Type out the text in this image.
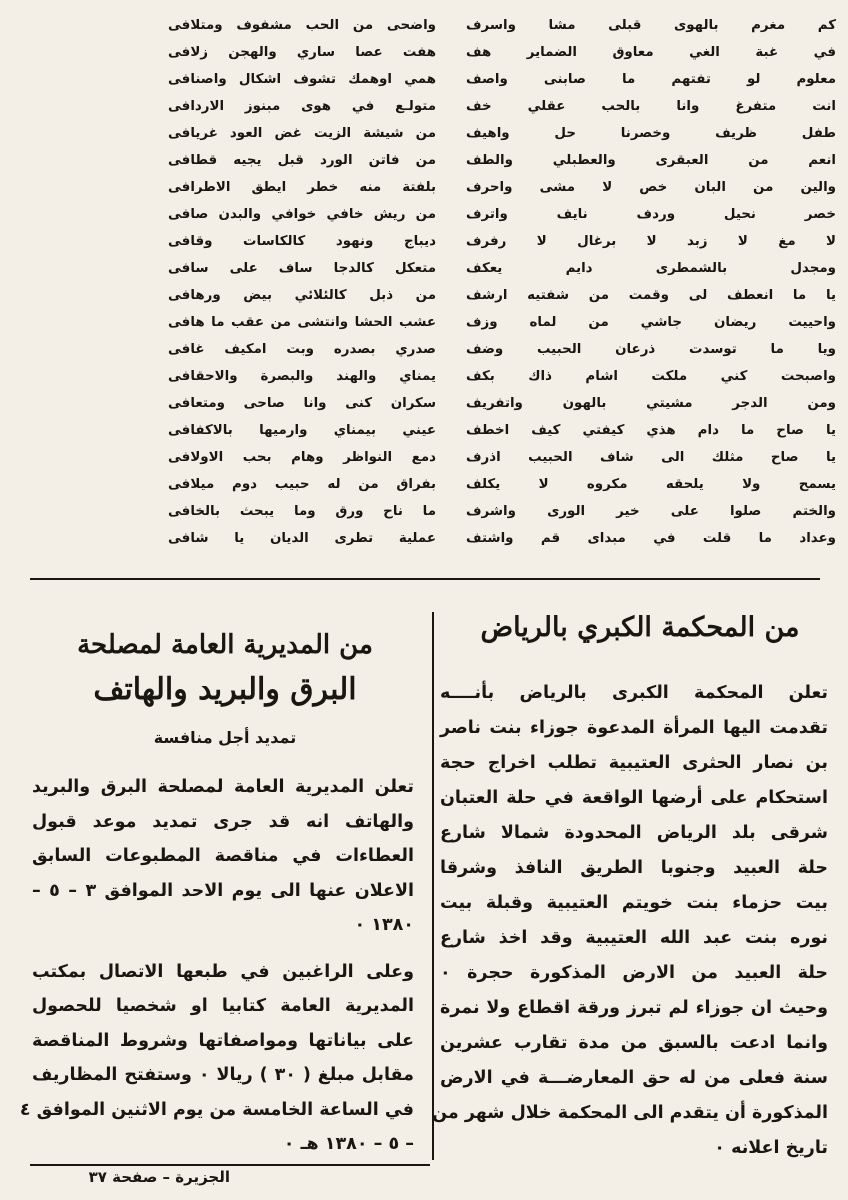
كم مغرم بالهوى قبلى مشا واسرف
في غبة الغي معاوق الضماير هف
معلوم لو تفتهم ما صابنى واصف
انت متفرغ وانا بالحب عقلي خف
طفل ظريف وخصرنا حل واهيف
انعم من العبقرى والعطبلي والطف
والين من البان خص لا مشى واحرف
خصر نحيل وردف نايف واترف
لا مغ لا زبد لا برغال لا رفرف
ومجدل بالشمطرى دايم يعكف
يا ما انعطف لى وقمت من شفتيه ارشف
واحييت ريضان جاشي من لماه وزف
ويا ما توسدت ذرعان الحبيب وضف
واصبحت كني ملكت اشام ذاك بكف
ومن الدجر مشيتي بالهون واتفريف
يا صاح ما دام هذي كيفتي كيف اخطف
يا صاح مثلك الى شاف الحبيب اذرف
يسمح ولا يلحقه مكروه لا يكلف
والختم صلوا على خير الورى واشرف
وعداد ما قلت في مبداى قم واشتف
واضحى من الحب مشفوف ومتلافى
هفت عصا ساري والهجن زلافى
همي اوهمك تشوف اشكال واصنافى
متولـع في هوى مبنوز الاردافى
من شيشة الزيت غض العود غريافى
من فاتن الورد قبل يجيه قطافى
بلفتة منه خطر ايطق الاطرافى
من ريش خافي خوافي والبدن صافى
ديباج ونهود كالكاسات وقافى
متعكل كالدجا ساف على سافى
من ذبل كالئلائي بيض ورهافى
عشب الحشا وانتشى من عقب ما هافى
صدري بصدره وبت امكيف غافى
يمناي والهند والبصرة والاحقافى
سكران كنى وانا صاحى ومتعافى
عيني بيمناي وارميها بالاكفافى
دمع النواظر وهام بحب الاولافى
بفراق من له حبيب دوم ميلافى
ما ناح ورق وما يبحث بالخافى
عملية تطرى الديان يا شافى
من المحكمة الكبري بالرياض
تعلن المحكمة الكبرى بالرياض بأنــــه
تقدمت اليها المرأة المدعوة جوزاء بنت ناصر
بن نصار الحثرى العتيبية تطلب اخراج حجة
استحكام على أرضها الواقعة في حلة العتبان
شرقى بلد الرياض المحدودة شمالا شارع
حلة العبيد وجنوبا الطريق النافذ وشرقا
بيت حزماء بنت خويتم العتيبية وقبلة بيت
نوره بنت عبد الله العتيبية وقد اخذ شارع
حلة العبيد من الارض المذكورة حجرة ٠
وحيث ان جوزاء لم تبرز ورقة اقطاع ولا نمرة
وانما ادعت بالسبق من مدة تقارب عشرين
سنة فعلى من له حق المعارضـــة في الارض
المذكورة أن يتقدم الى المحكمة خلال شهر من
تاريخ اعلانه ٠
من المديرية العامة لمصلحة
البرق والبريد والهاتف
تمديد أجل منافسة
تعلن المديرية العامة لمصلحة البرق والبريد
والهاتف انه قد جرى تمديد موعد قبول
العطاءات في مناقصة المطبوعات السابق
الاعلان عنها الى يوم الاحد الموافق ٣ – ٥ –
١٣٨٠ ٠
وعلى الراغبين في طبعها الاتصال بمكتب
المديرية العامة كتابيا او شخصيا للحصول
على بياناتها ومواصفاتها وشروط المناقصة
مقابل مبلغ ( ٣٠ ) ريالا ٠ وستفتح المظاريف
في الساعة الخامسة من يوم الاثنين الموافق ٤
– ٥ – ١٣٨٠ هـ ٠
الجزيرة – صفحة ٣٧
